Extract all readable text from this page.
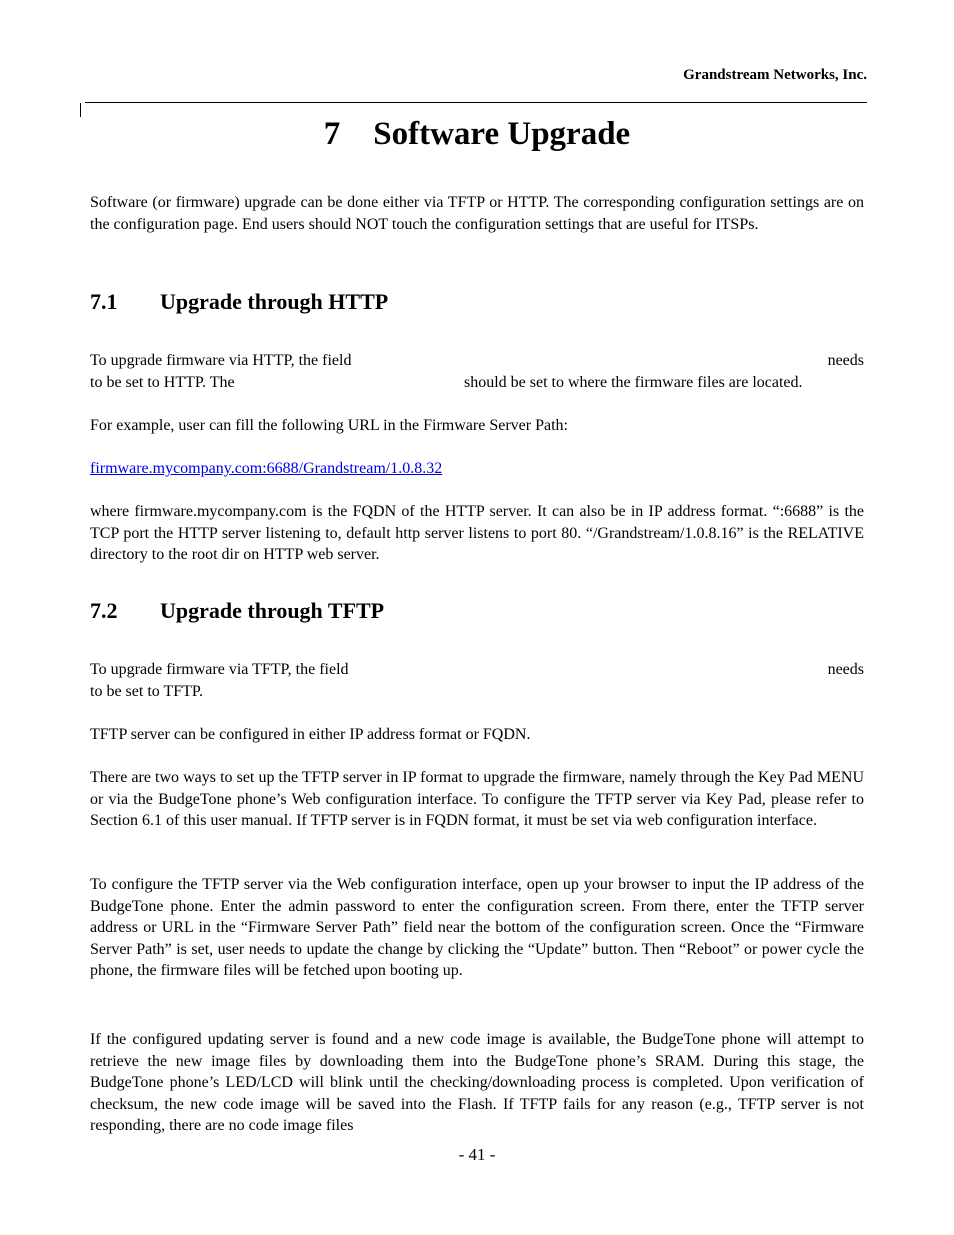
Grandstream Networks, Inc.
7 Software Upgrade
Software (or firmware) upgrade can be done either via TFTP or HTTP. The corresponding configuration settings are on the configuration page. End users should NOT touch the configuration settings that are useful for ITSPs.
7.1 Upgrade through HTTP
To upgrade firmware via HTTP, the field	needs
to be set to HTTP. The	should be set to where the firmware files are located.
For example, user can fill the following URL in the Firmware Server Path:
firmware.mycompany.com:6688/Grandstream/1.0.8.32
where firmware.mycompany.com is the FQDN of the HTTP server. It can also be in IP address format. “:6688” is the TCP port the HTTP server listening to, default http server listens to port 80. “/Grandstream/1.0.8.16” is the RELATIVE directory to the root dir on HTTP web server.
7.2 Upgrade through TFTP
To upgrade firmware via TFTP, the field	needs
to be set to TFTP.
TFTP server can be configured in either IP address format or FQDN.
There are two ways to set up the TFTP server in IP format to upgrade the firmware, namely through the Key Pad MENU or via the BudgeTone phone’s Web configuration interface. To configure the TFTP server via Key Pad, please refer to Section 6.1 of this user manual. If TFTP server is in FQDN format, it must be set via web configuration interface.
To configure the TFTP server via the Web configuration interface, open up your browser to input the IP address of the BudgeTone phone. Enter the admin password to enter the configuration screen. From there, enter the TFTP server address or URL in the “Firmware Server Path” field near the bottom of the configuration screen. Once the “Firmware Server Path” is set, user needs to update the change by clicking the “Update” button. Then “Reboot” or power cycle the phone, the firmware files will be fetched upon booting up.
If the configured updating server is found and a new code image is available, the BudgeTone phone will attempt to retrieve the new image files by downloading them into the BudgeTone phone’s SRAM. During this stage, the BudgeTone phone’s LED/LCD will blink until the checking/downloading process is completed. Upon verification of checksum, the new code image will be saved into the Flash. If TFTP fails for any reason (e.g., TFTP server is not responding, there are no code image files
- 41 -
